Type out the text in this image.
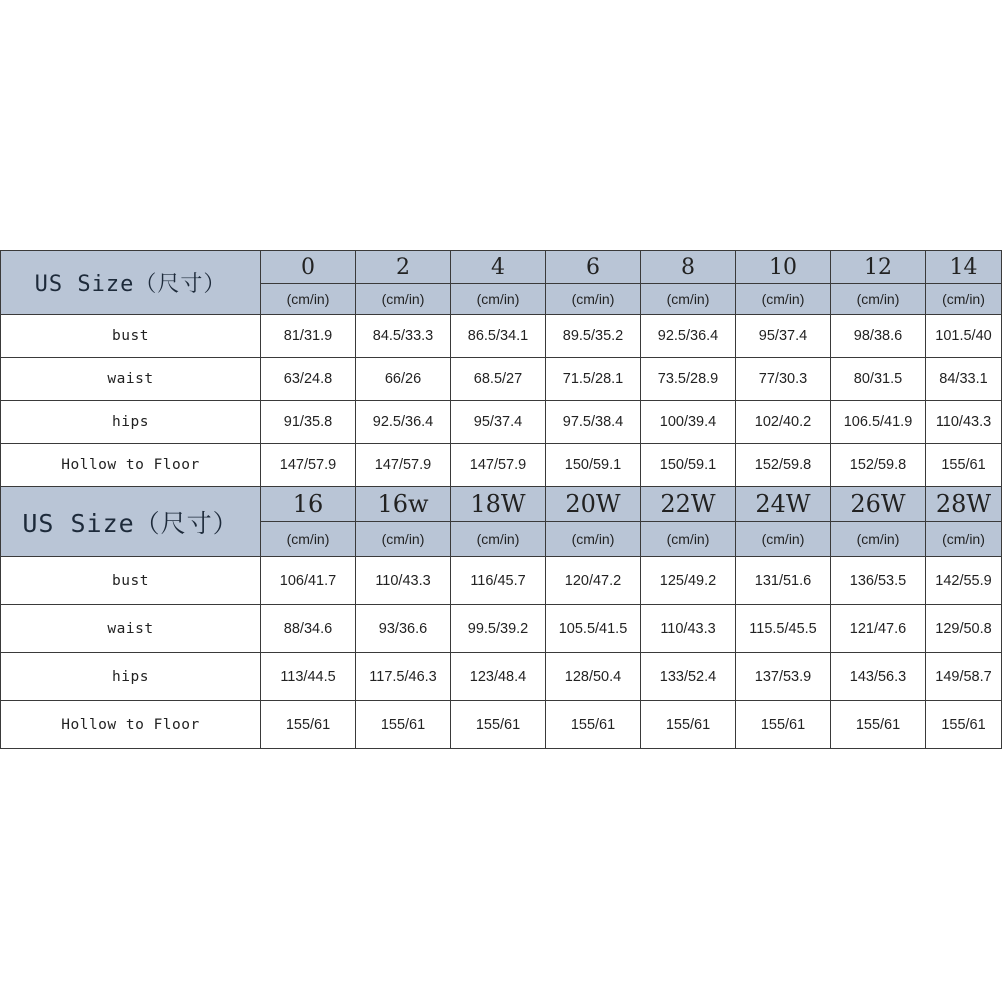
US Size（尺寸）	0	2	4	6	8	10	12	14
	(cm/in)	(cm/in)	(cm/in)	(cm/in)	(cm/in)	(cm/in)	(cm/in)	(cm/in)
bust	81/31.9	84.5/33.3	86.5/34.1	89.5/35.2	92.5/36.4	95/37.4	98/38.6	101.5/40
waist	63/24.8	66/26	68.5/27	71.5/28.1	73.5/28.9	77/30.3	80/31.5	84/33.1
hips	91/35.8	92.5/36.4	95/37.4	97.5/38.4	100/39.4	102/40.2	106.5/41.9	110/43.3
Hollow to Floor	147/57.9	147/57.9	147/57.9	150/59.1	150/59.1	152/59.8	152/59.8	155/61
US Size（尺寸）	16	16w	18W	20W	22W	24W	26W	28W
	(cm/in)	(cm/in)	(cm/in)	(cm/in)	(cm/in)	(cm/in)	(cm/in)	(cm/in)
bust	106/41.7	110/43.3	116/45.7	120/47.2	125/49.2	131/51.6	136/53.5	142/55.9
waist	88/34.6	93/36.6	99.5/39.2	105.5/41.5	110/43.3	115.5/45.5	121/47.6	129/50.8
hips	113/44.5	117.5/46.3	123/48.4	128/50.4	133/52.4	137/53.9	143/56.3	149/58.7
Hollow to Floor	155/61	155/61	155/61	155/61	155/61	155/61	155/61	155/61
